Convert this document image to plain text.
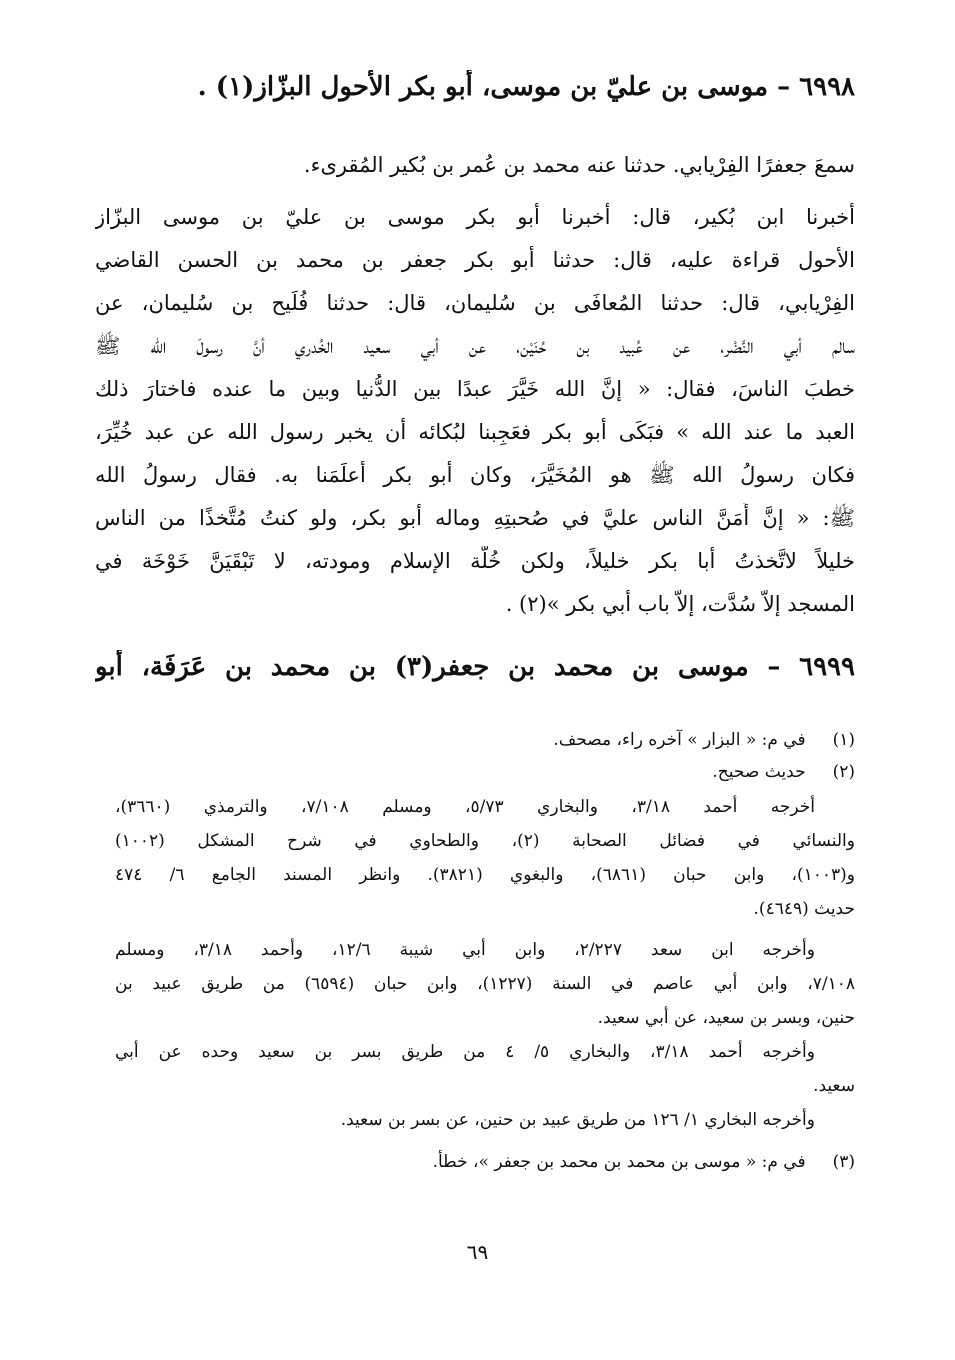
٦٩٩٨ – موسى بن عليّ بن موسى، أبو بكر الأحول البزّاز(١) .
سمعَ جعفرًا الفِرْيابي. حدثنا عنه محمد بن عُمر بن بُكير المُقرىء.
أخبرنا ابن بُكير، قال: أخبرنا أبو بكر موسى بن عليّ بن موسى البزّاز
الأحول قراءة عليه، قال: حدثنا أبو بكر جعفر بن محمد بن الحسن القاضي
الفِرْيابي، قال: حدثنا المُعافَى بن سُليمان، قال: حدثنا فُلَيح بن سُليمان، عن
سالم أبي النَّضْر، عن عُبيد بن حُنَيْن، عن أبي سعيد الخُدري أنَّ رسولَ الله ﷺ
خطبَ الناسَ، فقال: « إنَّ الله خَيَّرَ عبدًا بين الدُّنيا وبين ما عنده فاختارَ ذلك
العبد ما عند الله » فبَكَى أبو بكر فعَجِبنا لبُكائه أن يخبر رسول الله عن عبد خُيِّرَ،
فكان رسولُ الله ﷺ هو المُخَيَّرَ، وكان أبو بكر أعلَمَنا به. فقال رسولُ الله
ﷺ: « إنَّ أَمَنَّ الناس عليَّ في صُحبتِهِ وماله أبو بكر، ولو كنتُ مُتَّخذًا من الناس
خليلاً لاتَّخذتُ أبا بكر خليلاً، ولكن خُلَّة الإسلام ومودته، لا تَبْقَيَنَّ خَوْخَة في
المسجد إلاّ سُدَّت، إلاّ باب أبي بكر »(٢) .
٦٩٩٩ – موسى بن محمد بن جعفر(٣) بن محمد بن عَرَفَة، أبو
(١) في م: « البزار » آخره راء، مصحف.
(٢) حديث صحيح.
أخرجه أحمد ٣/١٨، والبخاري ٥/٧٣، ومسلم ٧/١٠٨، والترمذي (٣٦٦٠)،
والنسائي في فضائل الصحابة (٢)، والطحاوي في شرح المشكل (١٠٠٢)
و(١٠٠٣)، وابن حبان (٦٨٦١)، والبغوي (٣٨٢١). وانظر المسند الجامع ٦/ ٤٧٤
حديث (٤٦٤٩).
وأخرجه ابن سعد ٢/٢٢٧، وابن أبي شيبة ١٢/٦، وأحمد ٣/١٨، ومسلم
٧/١٠٨، وابن أبي عاصم في السنة (١٢٢٧)، وابن حبان (٦٥٩٤) من طريق عبيد بن
حنين، وبسر بن سعيد، عن أبي سعيد.
وأخرجه أحمد ٣/١٨، والبخاري ٥/ ٤ من طريق بسر بن سعيد وحده عن أبي
سعيد.
وأخرجه البخاري ١/ ١٢٦ من طريق عبيد بن حنين، عن بسر بن سعيد.
(٣) في م: « موسى بن محمد بن محمد بن جعفر »، خطأ.
٦٩
